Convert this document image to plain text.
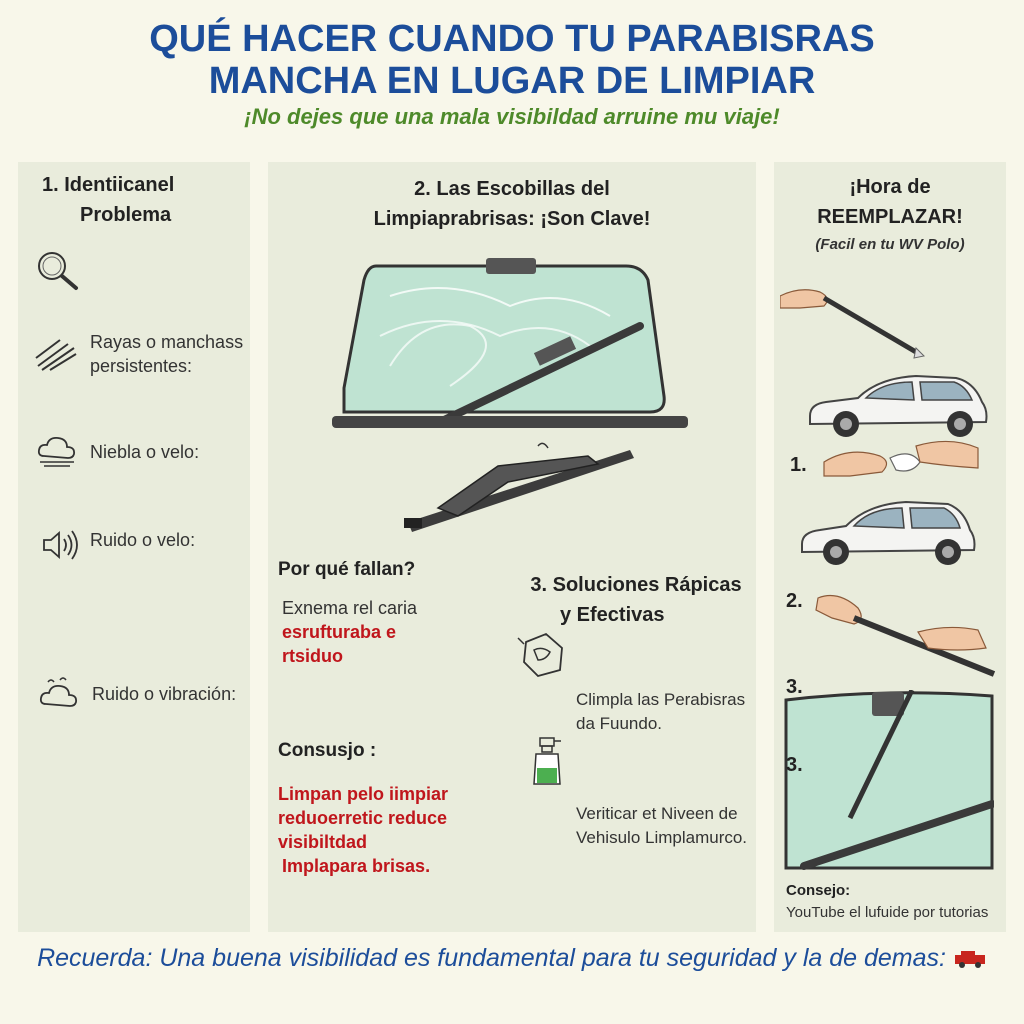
QUÉ HACER CUANDO TU PARABISRAS
MANCHA EN LUGAR DE LIMPIAR
¡No dejes que una mala visibildad arruine mu viaje!
1. Identiicanel
Problema
Rayas o manchass
persistentes:
Niebla o velo:
Ruido o velo:
Ruido o vibración:
2. Las Escobillas del
Limpiaprabrisas: ¡Son Clave!
Por qué fallan?
Exnema rel caria
esrufturaba e
rtsiduo
Consusjo :
Limpan pelo iimpiar
reduoerretic reduce
visibiltdad
Implapara brisas.
3. Soluciones Rápicas
y Efectivas
Climpla las Perabisras
da Fuundo.
Veriticar et Niveen de
Vehisulo Limplamurco.
¡Hora de
REEMPLAZAR!
(Facil en tu WV Polo)
1.
2.
3.
3.
Consejo:
YouTube el lufuide por tutorias
Recuerda: Una buena visibilidad es fundamental para tu seguridad y la de demas:
